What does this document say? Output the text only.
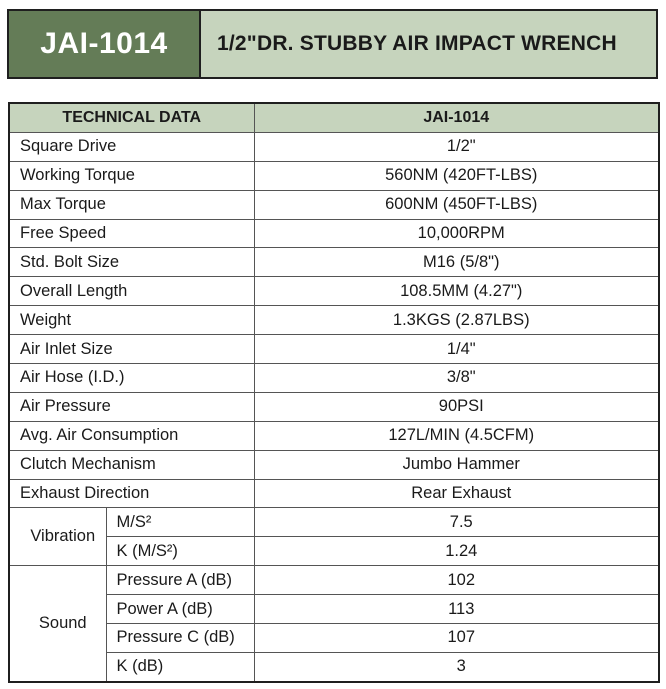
JAI-1014	1/2"DR. STUBBY AIR IMPACT WRENCH
TECHNICAL DATA		JAI-1014
Square Drive		1/2"
Working Torque		560NM (420FT-LBS)
Max Torque		600NM (450FT-LBS)
Free Speed		10,000RPM
Std. Bolt Size		M16 (5/8")
Overall Length		108.5MM (4.27")
Weight		1.3KGS (2.87LBS)
Air Inlet Size		1/4"
Air Hose (I.D.)		3/8"
Air Pressure		90PSI
Avg. Air Consumption		127L/MIN (4.5CFM)
Clutch Mechanism		Jumbo Hammer
Exhaust Direction		Rear Exhaust
Vibration	M/S²	7.5
	K (M/S²)	1.24
Sound	Pressure A (dB)	102
	Power A (dB)	113
	Pressure C (dB)	107
	K (dB)	3
